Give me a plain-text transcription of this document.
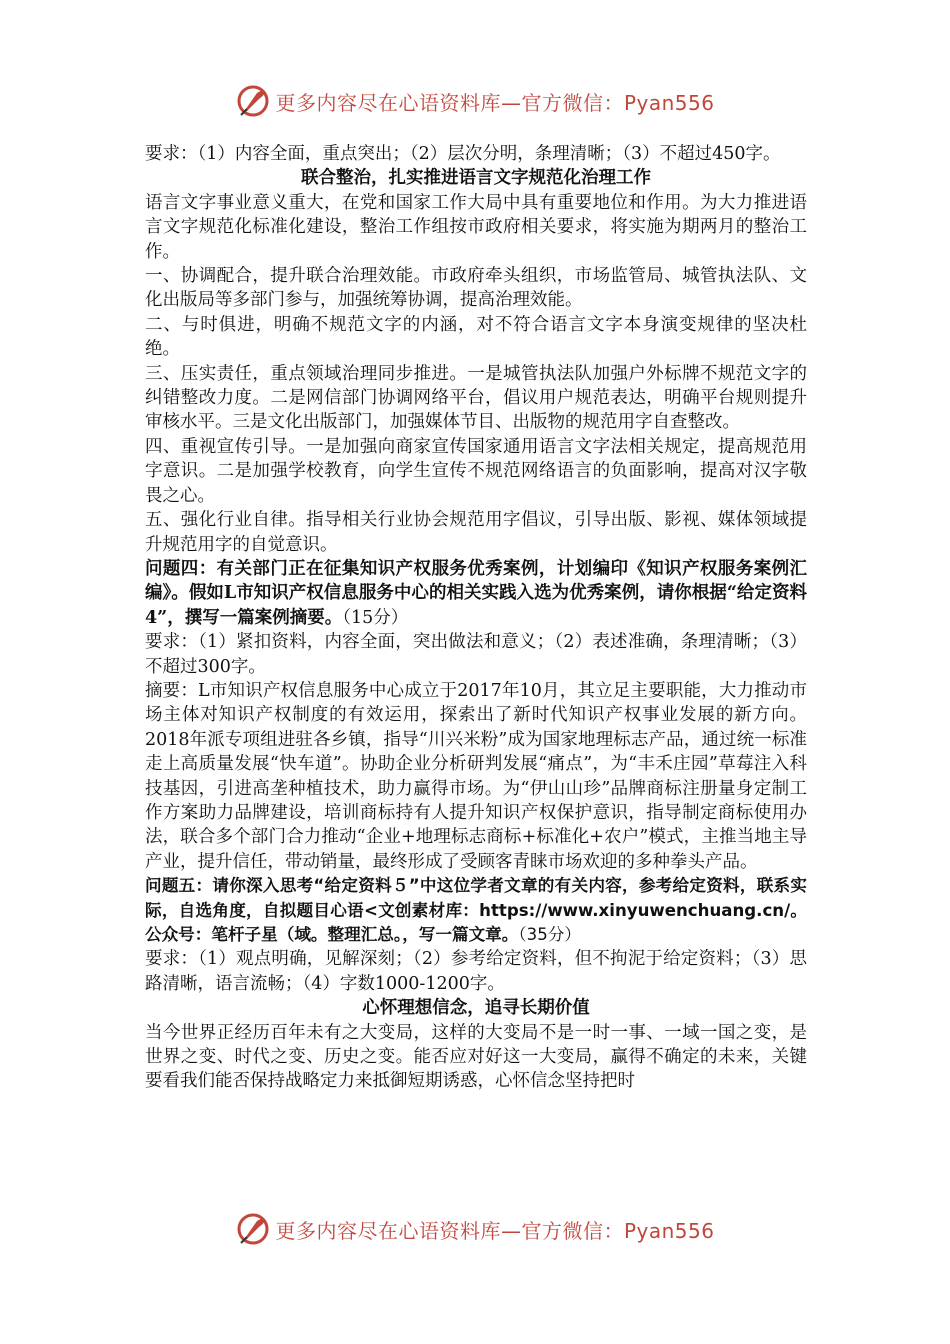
更多内容尽在心语资料库—官方微信：Pyan556

要求：（1）内容全面，重点突出；（2）层次分明，条理清晰；（3）不超过450字。

联合整治，扎实推进语言文字规范化治理工作

语言文字事业意义重大，在党和国家工作大局中具有重要地位和作用。为大力推进语言文字规范化标准化建设，整治工作组按市政府相关要求，将实施为期两月的整治工作。

一、协调配合，提升联合治理效能。市政府牵头组织，市场监管局、城管执法队、文化出版局等多部门参与，加强统筹协调，提高治理效能。

二、与时俱进，明确不规范文字的内涵，对不符合语言文字本身演变规律的坚决杜绝。

三、压实责任，重点领域治理同步推进。一是城管执法队加强户外标牌不规范文字的纠错整改力度。二是网信部门协调网络平台，倡议用户规范表达，明确平台规则提升审核水平。三是文化出版部门，加强媒体节目、出版物的规范用字自查整改。

四、重视宣传引导。一是加强向商家宣传国家通用语言文字法相关规定，提高规范用字意识。二是加强学校教育，向学生宣传不规范网络语言的负面影响，提高对汉字敬畏之心。

五、强化行业自律。指导相关行业协会规范用字倡议，引导出版、影视、媒体领域提升规范用字的自觉意识。

问题四：有关部门正在征集知识产权服务优秀案例，计划编印《知识产权服务案例汇编》。假如L市知识产权信息服务中心的相关实践入选为优秀案例，请你根据“给定资料4”，撰写一篇案例摘要。（15分）

要求：（1）紧扣资料，内容全面，突出做法和意义；（2）表述准确，条理清晰；（3）不超过300字。

摘要：L市知识产权信息服务中心成立于2017年10月，其立足主要职能，大力推动市场主体对知识产权制度的有效运用，探索出了新时代知识产权事业发展的新方向。2018年派专项组进驻各乡镇，指导“川兴米粉”成为国家地理标志产品，通过统一标准走上高质量发展“快车道”。协助企业分析研判发展“痛点”，为“丰禾庄园”草莓注入科技基因，引进高垄种植技术，助力赢得市场。为“伊山山珍”品牌商标注册量身定制工作方案助力品牌建设，培训商标持有人提升知识产权保护意识，指导制定商标使用办法，联合多个部门合力推动“企业+地理标志商标+标准化+农户”模式，主推当地主导产业，提升信任，带动销量，最终形成了受顾客青睐市场欢迎的多种拳头产品。

问题五：请你深入思考“给定资料５”中这位学者文章的有关内容，参考给定资料，联系实际，自选角度，自拟题目心语<文创素材库：https://www.xinyuwenchuang.cn/。公众号：笔杆子星（域。整理汇总。，写一篇文章。（35分）

要求：（1）观点明确，见解深刻；（2）参考给定资料，但不拘泥于给定资料；（3）思路清晰，语言流畅；（4）字数1000-1200字。

心怀理想信念，追寻长期价值

当今世界正经历百年未有之大变局，这样的大变局不是一时一事、一域一国之变，是世界之变、时代之变、历史之变。能否应对好这一大变局，赢得不确定的未来，关键要看我们能否保持战略定力来抵御短期诱惑，心怀信念坚持把时

更多内容尽在心语资料库—官方微信：Pyan556
